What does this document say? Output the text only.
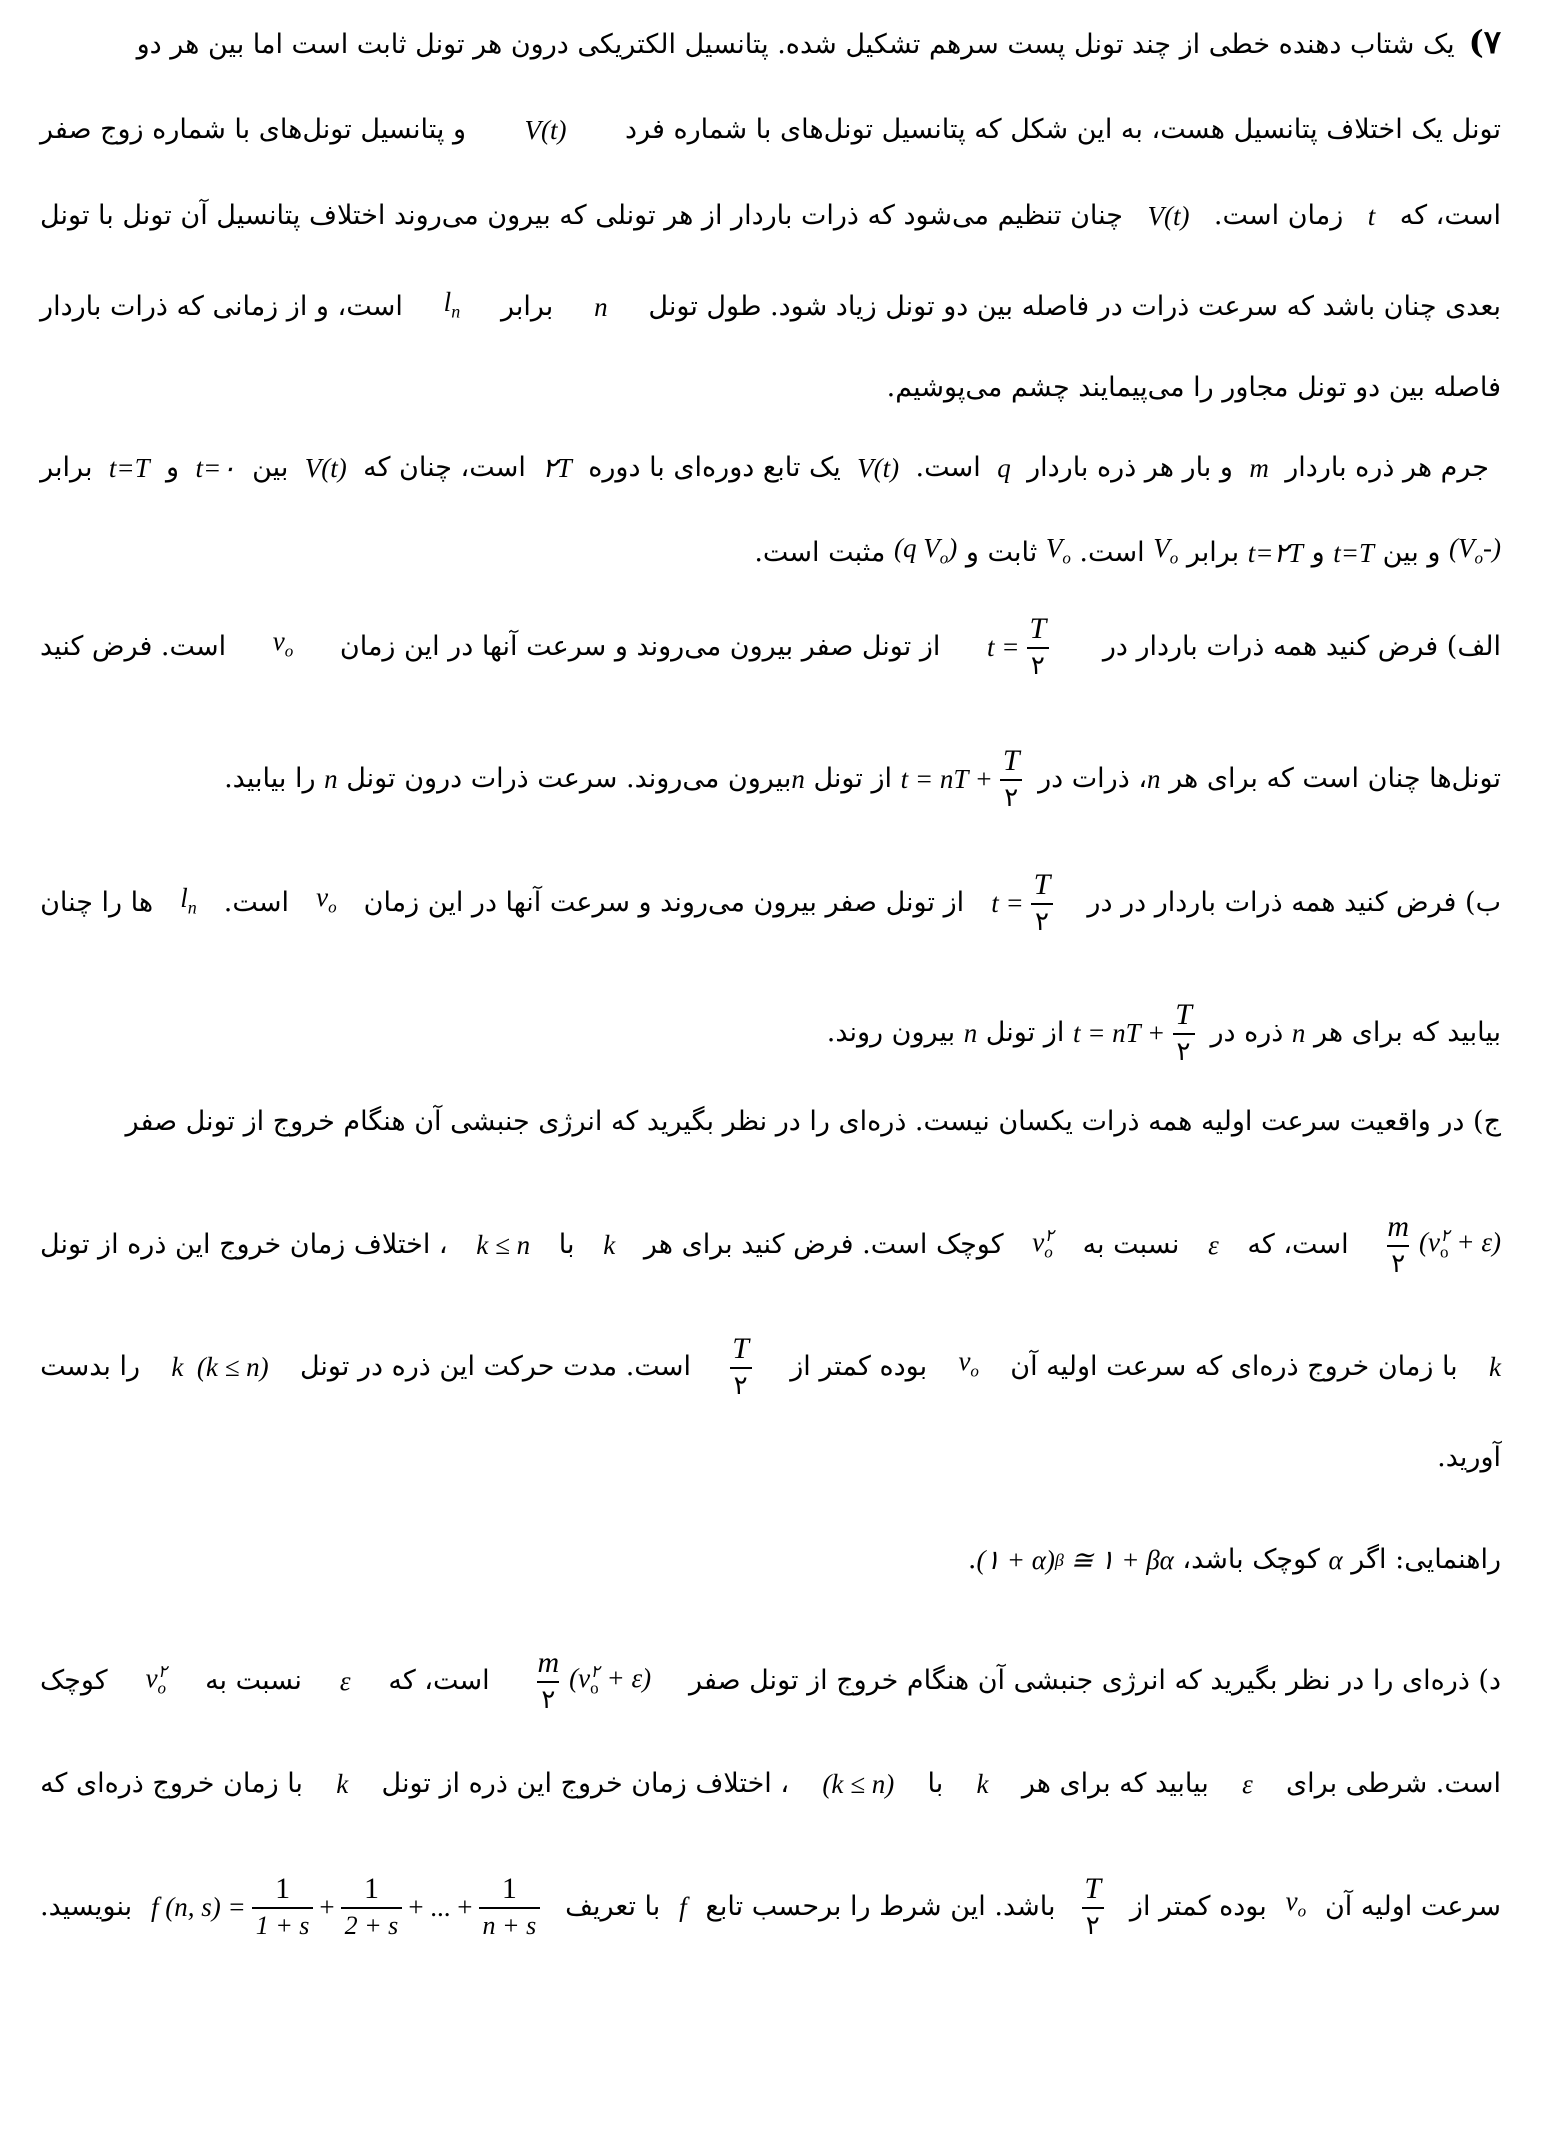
۷)یک شتاب دهنده خطی از چند تونل پست سرهم تشکیل شده. پتانسیل الکتریکی درون هر تونل ثابت است اما بین هر دو
تونل یک اختلاف پتانسیل هست، به این شکل که پتانسیل تونل‌های با شماره فرد
V(t)
و پتانسیل تونل‌های با شماره زوج صفر
است، که
t
زمان است.
V(t)
چنان تنظیم می‌شود که ذرات باردار از هر تونلی که بیرون می‌روند اختلاف پتانسیل آن تونل با تونل
بعدی چنان باشد که سرعت ذرات در فاصله بین دو تونل زیاد شود. طول تونل
n
برابر
$l_n$
است، و از زمانی که ذرات باردار
فاصله بین دو تونل مجاور را می‌پیمایند چشم می‌پوشیم.
جرم هر ذره باردار
m
و بار هر ذره باردار
q
است.
V(t)
یک تابع دوره‌ای با دوره
۲T
است، چنان که
V(t)
بین
t=۰
و
t=T
برابر
$(-V_o)$

و بین

t=T

و

t=۲T

برابر

$V_o$

است.

$V_o$

ثابت و

(q $V_o$)

مثبت است.
الف) فرض کنید همه ذرات باردار در
$t = \frac{T}{۲}$
از تونل صفر بیرون می‌روند و سرعت آنها در این زمان
$v_o$
است. فرض کنید
تونل‌ها چنان است که برای هر

n
، ذرات در

t = nT + $\frac{T}{۲}$

از تونل

n
بیرون می‌روند. سرعت ذرات درون تونل

n

را بیابید.
ب) فرض کنید همه ذرات باردار در در
$t = \frac{T}{۲}$
از تونل صفر بیرون می‌روند و سرعت آنها در این زمان
$v_o$
است.
$l_n$
ها را چنان
بیابید که برای هر

n

ذره در

t = nT + $\frac{T}{۲}$

از تونل

n

بیرون روند.
ج) در واقعیت سرعت اولیه همه ذرات یکسان نیست. ذره‌ای را در نظر بگیرید که انرژی جنبشی آن هنگام خروج از تونل صفر
$\frac{m}{۲} (v_o^۲ + \varepsilon)$
است، که
ε
نسبت به
$v_o^۲$
کوچک است. فرض کنید برای هر
k
با
k ≤ n
، اختلاف زمان خروج این ذره از تونل
k
با زمان خروج ذره‌ای که سرعت اولیه آن
$v_o$
بوده کمتر از
$\frac{T}{۲}$
است. مدت حرکت این ذره در تونل
k
(k ≤ n)
را بدست
آورید.
راهنمایی: اگر

α

کوچک باشد،

(۱ + α) β
≅ ۱ + βα
.
د) ذره‌ای را در نظر بگیرید که انرژی جنبشی آن هنگام خروج از تونل صفر
$\frac{m}{۲} (v_o^۲ + \varepsilon)$
است، که
ε
نسبت به
$v_o^۲$
کوچک
است. شرطی برای
ε
بیابید که برای هر
k
با
(k ≤ n)
، اختلاف زمان خروج این ذره از تونل
k
با زمان خروج ذره‌ای که
سرعت اولیه آن
$v_o$
بوده کمتر از
$\frac{T}{۲}$
باشد. این شرط را برحسب تابع
f
با تعریف
f (n, $s) = \frac{1}{1 + s} + \frac{1}{2 + s}$ + ... + $\frac{1}{n + s}$
بنویسید.
